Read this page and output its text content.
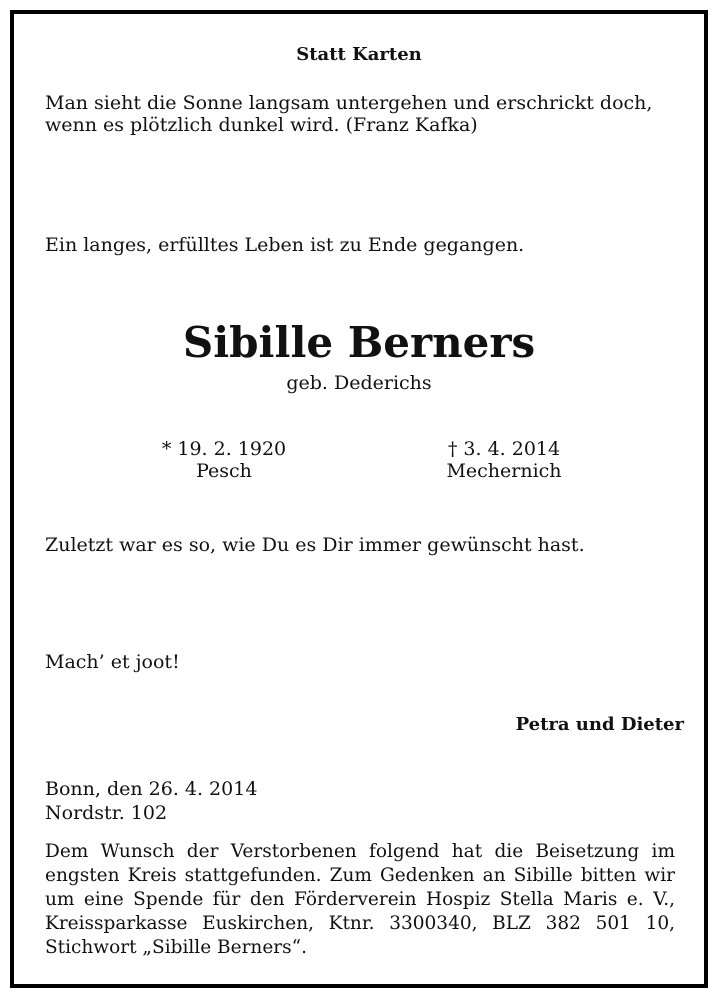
Statt Karten
Man sieht die Sonne langsam untergehen und erschrickt doch,
wenn es plötzlich dunkel wird. (Franz Kafka)
Ein langes, erfülltes Leben ist zu Ende gegangen.
Sibille Berners
geb. Dederichs
* 19. 2. 1920
Pesch
† 3. 4. 2014
Mechernich
Zuletzt war es so, wie Du es Dir immer gewünscht hast.
Mach’ et joot!
Petra und Dieter
Bonn, den 26. 4. 2014
Nordstr. 102
Dem Wunsch der Verstorbenen folgend hat die Beisetzung im
engsten Kreis stattgefunden. Zum Gedenken an Sibille bitten wir
um eine Spende für den Förderverein Hospiz Stella Maris e. V.,
Kreissparkasse Euskirchen, Ktnr. 3300340, BLZ 382 501 10,
Stichwort „Sibille Berners“.
